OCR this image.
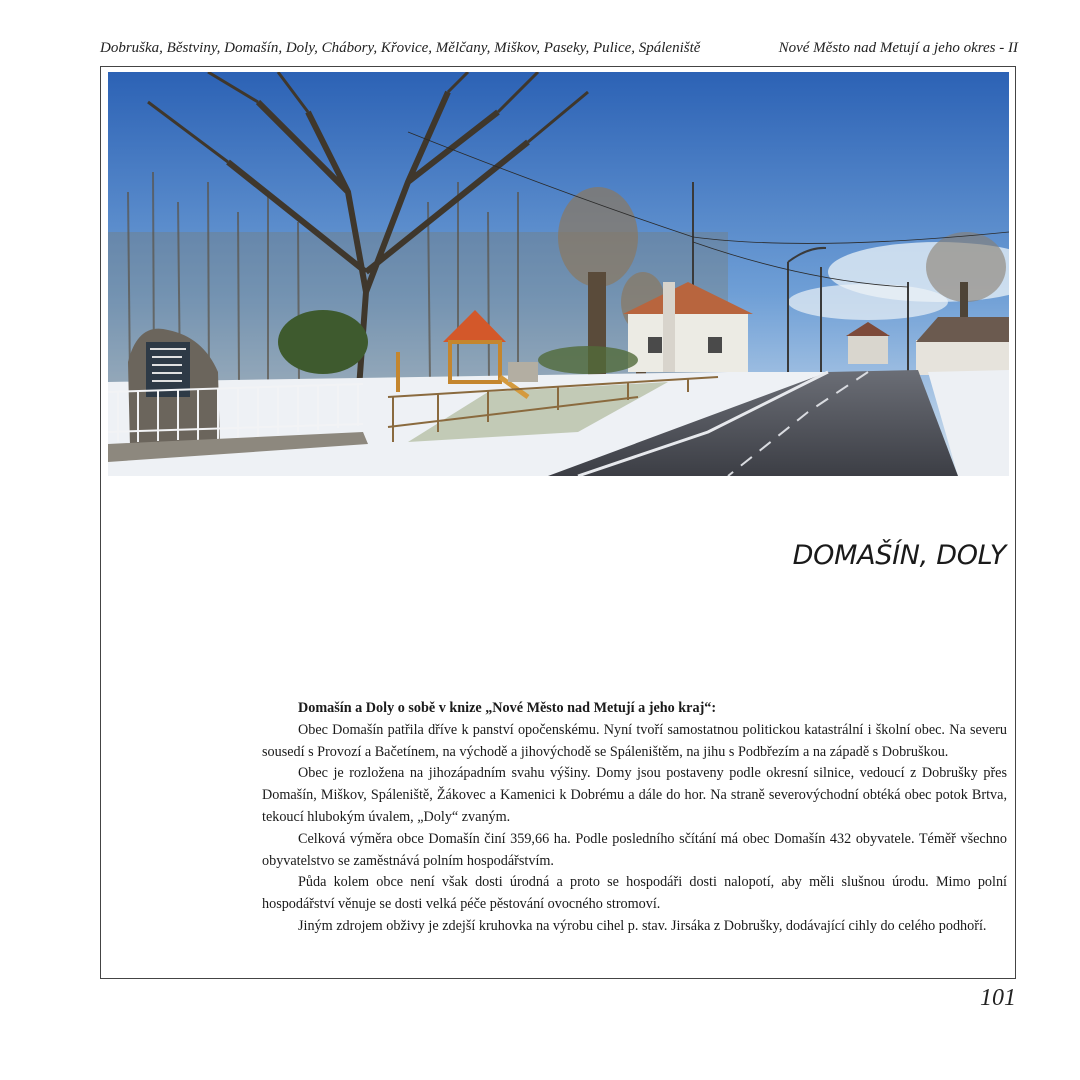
Dobruška, Běstviny, Domašín, Doly, Chábory, Křovice, Mělčany, Miškov, Paseky, Pulice, Spáleniště	Nové Město nad Metují a jeho okres - II
DOMAŠÍN, DOLY

Domašín a Doly o sobě v knize „Nové Město nad Metují a jeho kraj“:

Obec Domašín patřila dříve k panství opočenskému. Nyní tvoří samostatnou politickou katastrální i školní obec. Na severu sousedí s Provozí a Bačetínem, na východě a jihovýchodě se Spáleništěm, na jihu s Podbřezím a na západě s Dobruškou.

Obec je rozložena na jihozápadním svahu výšiny. Domy jsou postaveny podle okresní silnice, vedoucí z Dobrušky přes Domašín, Miškov, Spáleniště, Žákovec a Kamenici k Dobrému a dále do hor. Na straně severovýchodní obtéká obec potok Brtva, tekoucí hlubokým úvalem, „Doly“ zvaným.

Celková výměra obce Domašín činí 359,66 ha. Podle posledního sčítání má obec Domašín 432 obyvatele. Téměř všechno obyvatelstvo se zaměstnává polním hospodářstvím.

Půda kolem obce není však dosti úrodná a proto se hospodáři dosti nalopotí, aby měli slušnou úrodu. Mimo polní hospodářství věnuje se dosti velká péče pěstování ovocného stromoví.

Jiným zdrojem obživy je zdejší kruhovka na výrobu cihel p. stav. Jirsáka z Dobrušky, dodávající cihly do celého podhoří.

101
